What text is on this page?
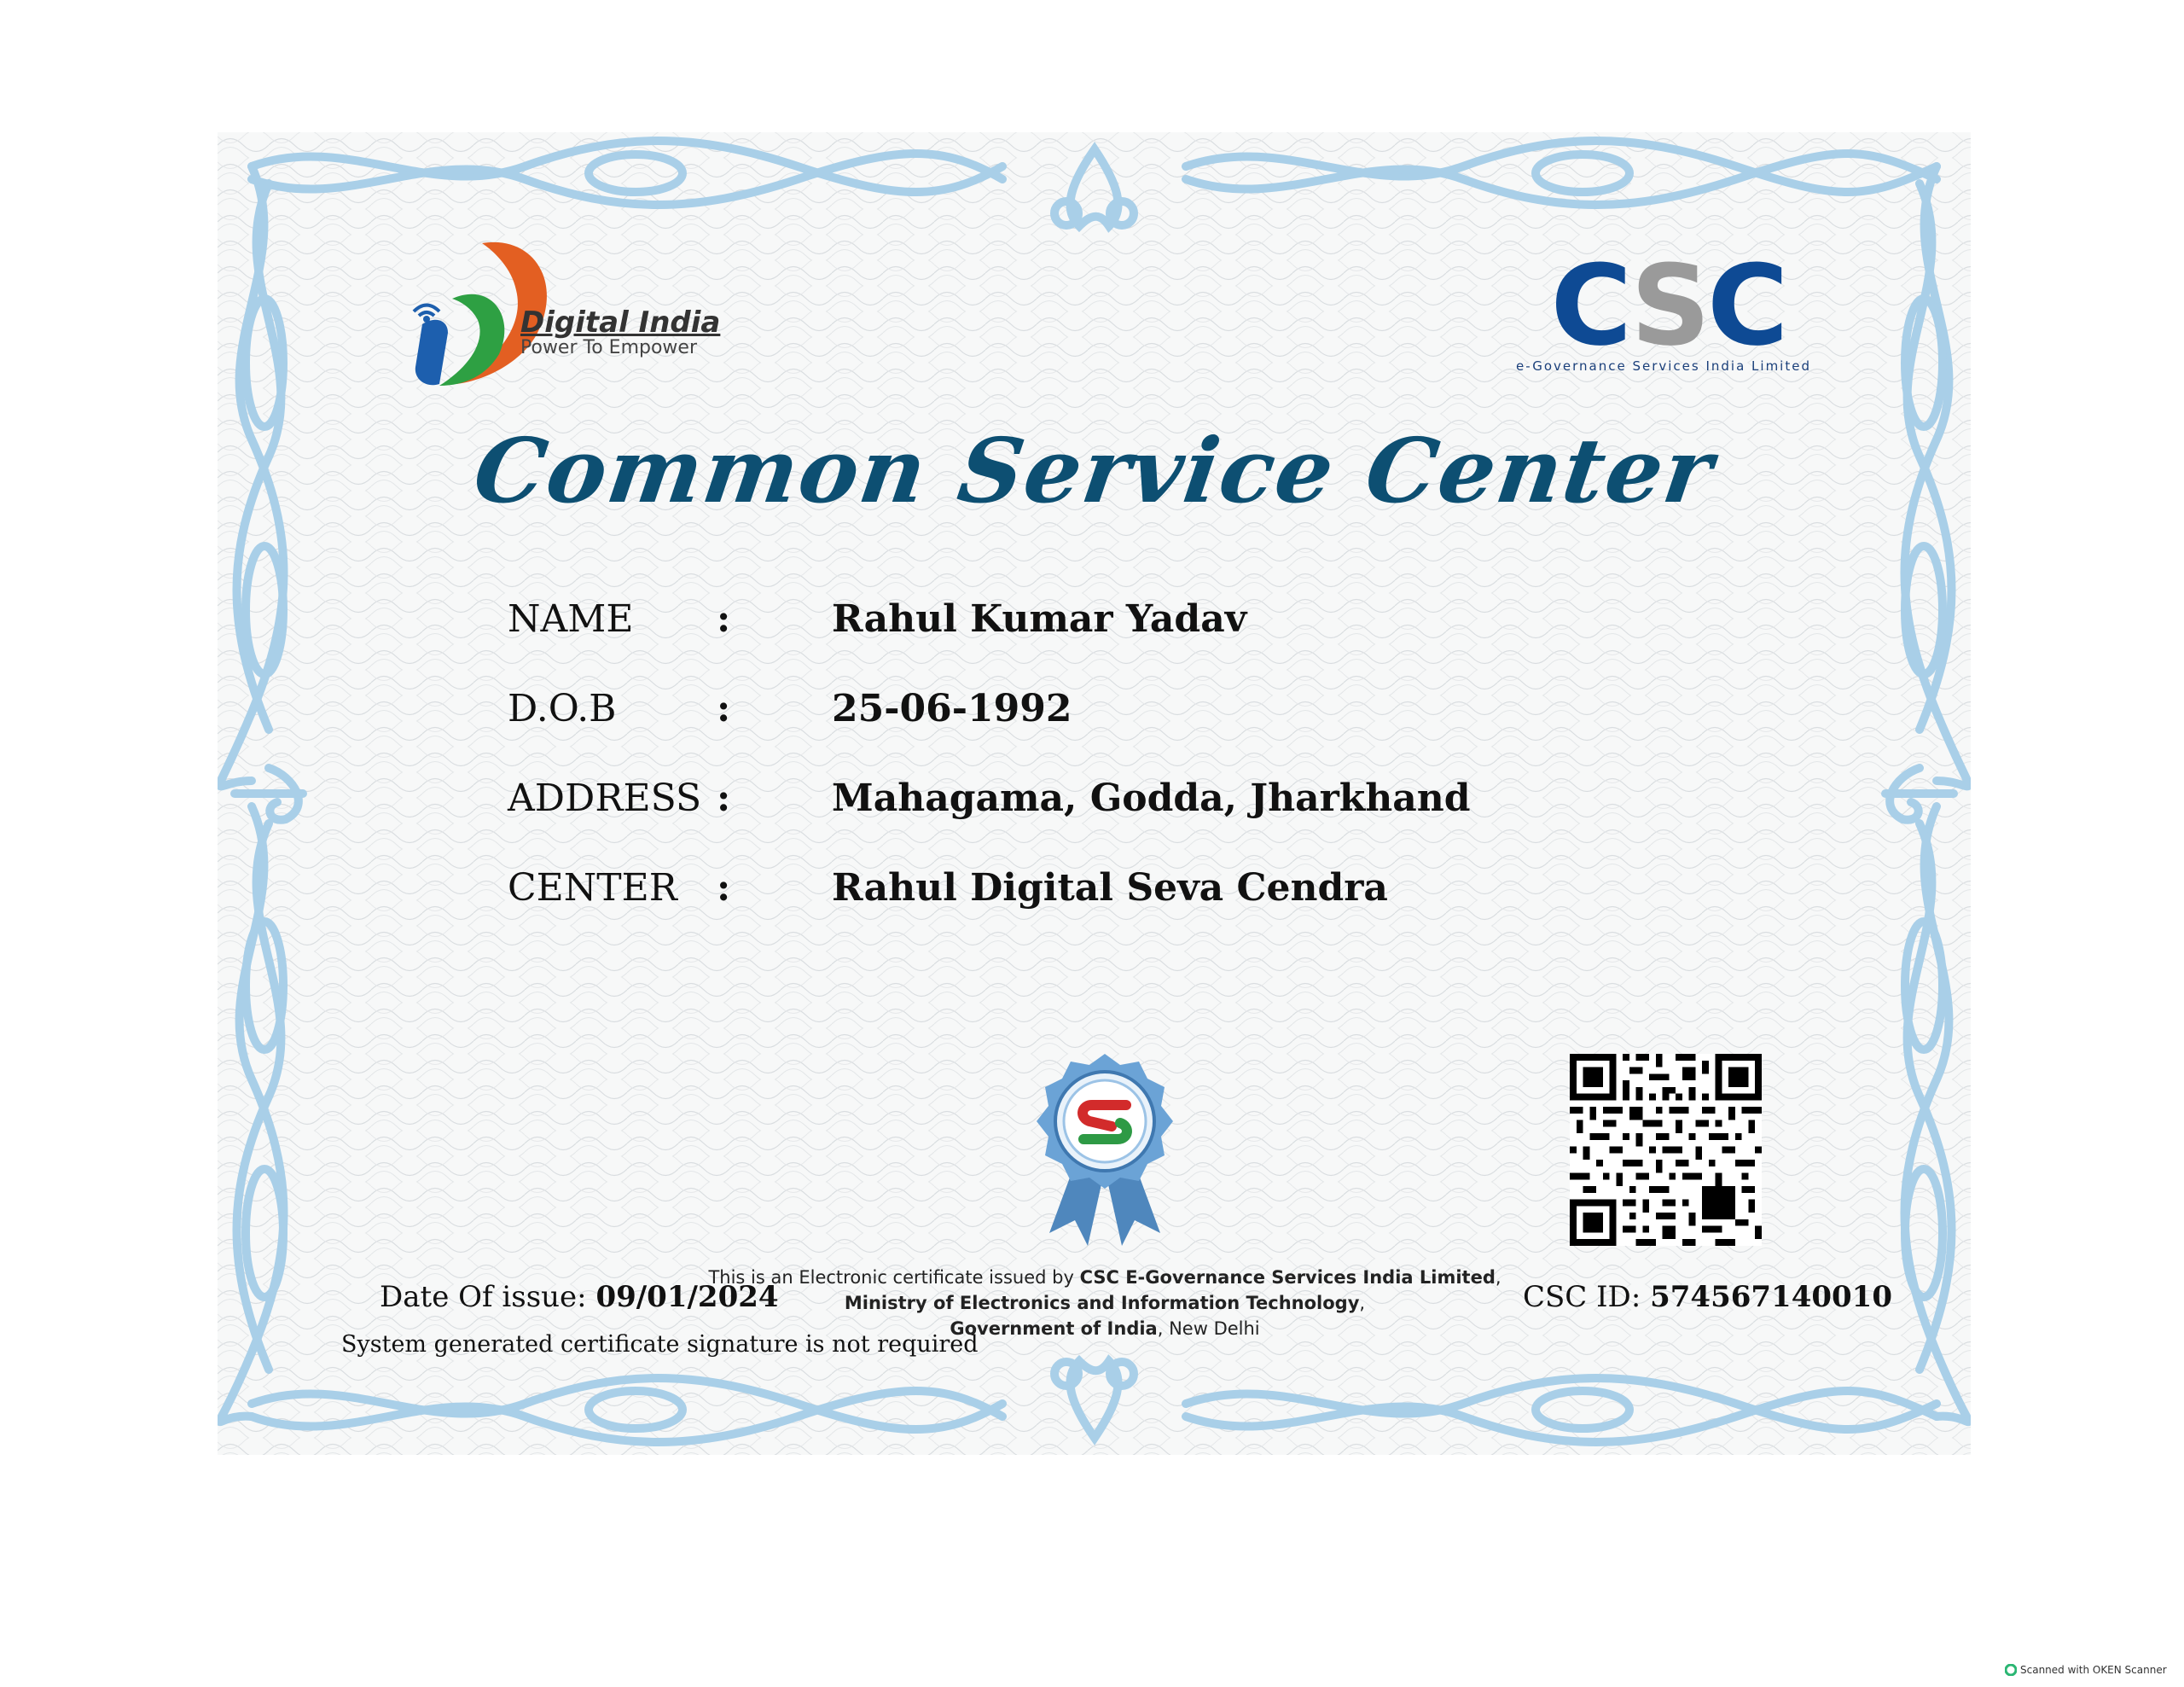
Digital India
Power To Empower	CSC
e-Governance Services India Limited
Common Service Center
NAME :	Rahul Kumar Yadav
D.O.B	:	25-06-1992
ADDRESS :	Mahagama, Godda, Jharkhand
CENTER :	Rahul Digital Seva Cendra
Date Of issue: 09/01/2024
System generated certificate signature is not required
This is an Electronic certificate issued by CSC E-Governance Services India Limited,
Ministry of Electronics and Information Technology,
Government of India, New Delhi
CSC ID: 574567140010
Scanned with OKEN Scanner
